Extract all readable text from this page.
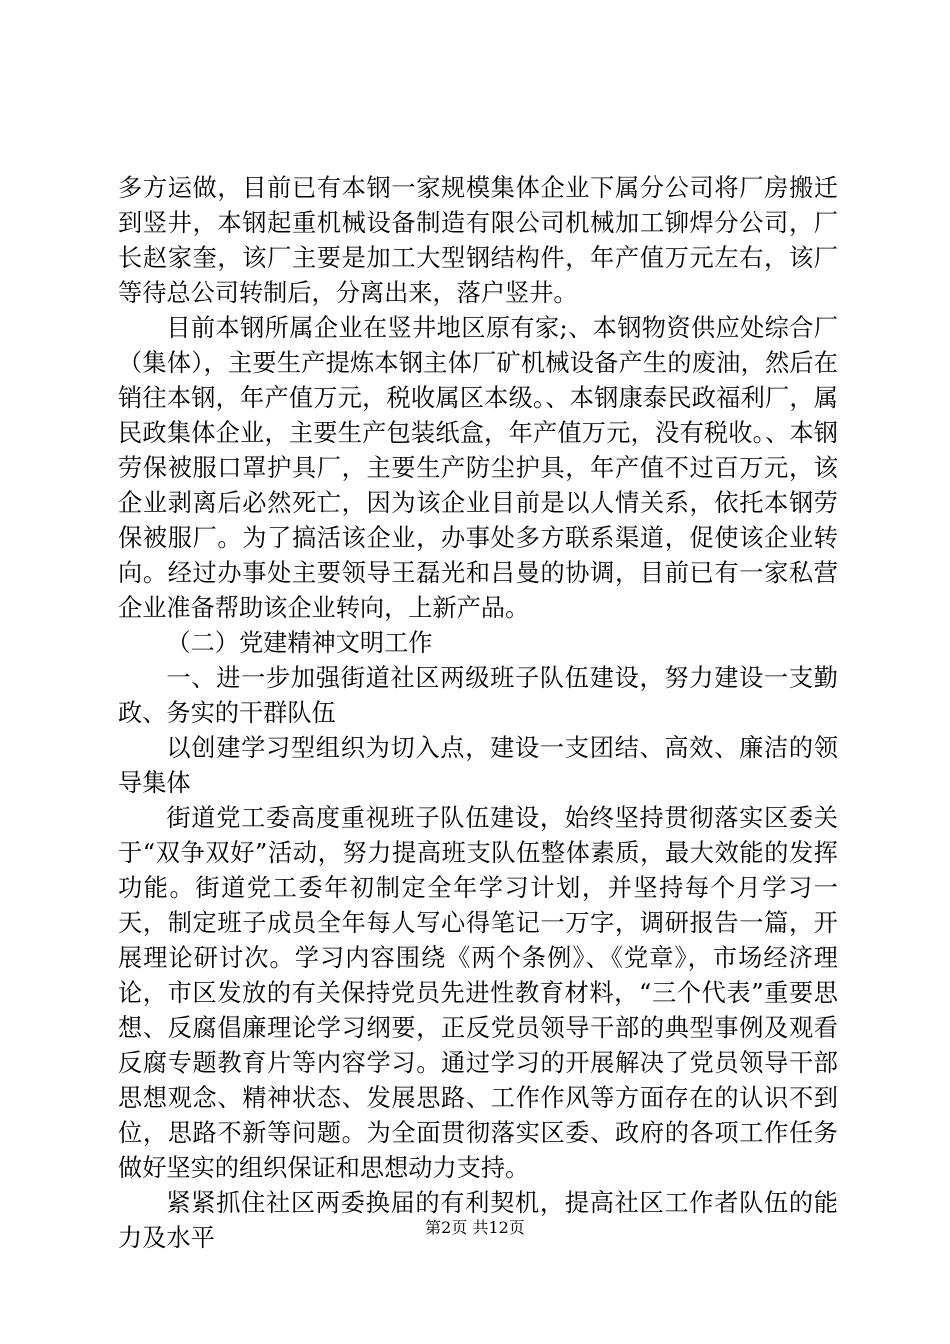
多方运做，目前已有本钢一家规模集体企业下属分公司将厂房搬迁到竖井，本钢起重机械设备制造有限公司机械加工铆焊分公司，厂长赵家奎，该厂主要是加工大型钢结构件，年产值万元左右，该厂等待总公司转制后，分离出来，落户竖井。

目前本钢所属企业在竖井地区原有家;、本钢物资供应处综合厂（集体），主要生产提炼本钢主体厂矿机械设备产生的废油，然后在销往本钢，年产值万元，税收属区本级。、本钢康泰民政福利厂，属民政集体企业，主要生产包装纸盒，年产值万元，没有税收。、本钢劳保被服口罩护具厂，主要生产防尘护具，年产值不过百万元，该企业剥离后必然死亡，因为该企业目前是以人情关系，依托本钢劳保被服厂。为了搞活该企业，办事处多方联系渠道，促使该企业转向。经过办事处主要领导王磊光和吕曼的协调，目前已有一家私营企业准备帮助该企业转向，上新产品。

（二）党建精神文明工作

一、进一步加强街道社区两级班子队伍建设，努力建设一支勤政、务实的干群队伍

以创建学习型组织为切入点，建设一支团结、高效、廉洁的领导集体

街道党工委高度重视班子队伍建设，始终坚持贯彻落实区委关于“双争双好”活动，努力提高班支队伍整体素质，最大效能的发挥功能。街道党工委年初制定全年学习计划，并坚持每个月学习一天，制定班子成员全年每人写心得笔记一万字，调研报告一篇，开展理论研讨次。学习内容围绕《两个条例》、《党章》，市场经济理论，市区发放的有关保持党员先进性教育材料，“三个代表”重要思想、反腐倡廉理论学习纲要，正反党员领导干部的典型事例及观看反腐专题教育片等内容学习。通过学习的开展解决了党员领导干部思想观念、精神状态、发展思路、工作作风等方面存在的认识不到位，思路不新等问题。为全面贯彻落实区委、政府的各项工作任务做好坚实的组织保证和思想动力支持。

紧紧抓住社区两委换届的有利契机，提高社区工作者队伍的能力及水平	第2页 共12页
